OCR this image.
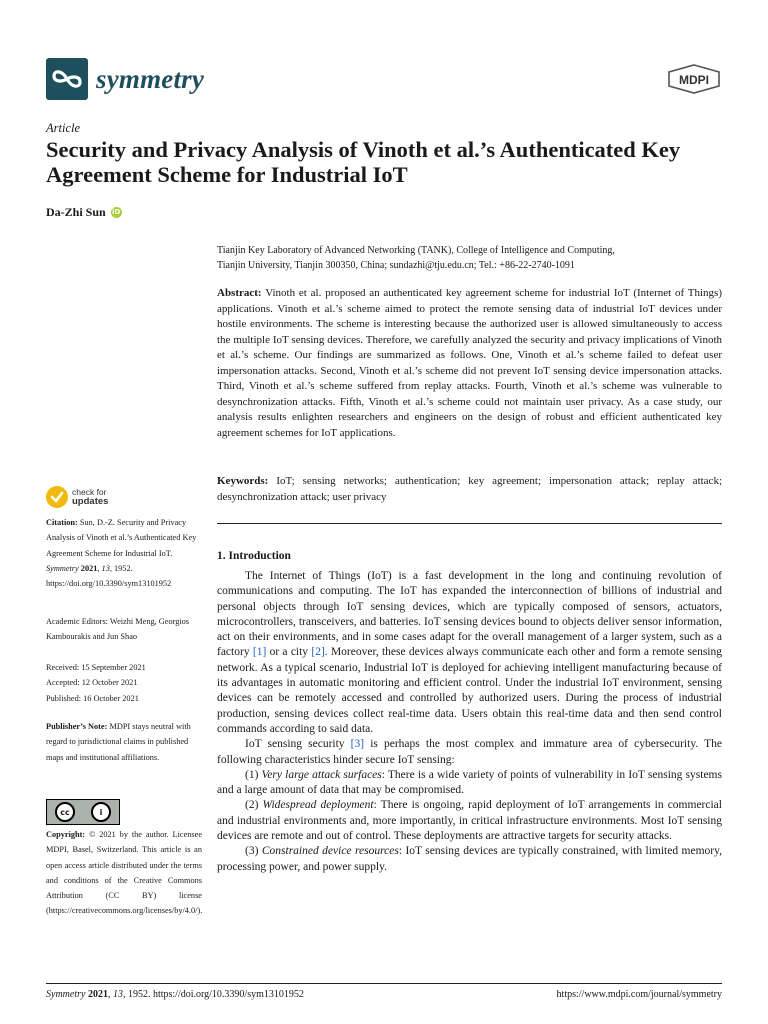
symmetry	MDPI
Article
Security and Privacy Analysis of Vinoth et al.’s Authenticated Key Agreement Scheme for Industrial IoT
Da-Zhi Sun iD
Tianjin Key Laboratory of Advanced Networking (TANK), College of Intelligence and Computing,
Tianjin University, Tianjin 300350, China; sundazhi@tju.edu.cn; Tel.: +86-22-2740-1091
Abstract: Vinoth et al. proposed an authenticated key agreement scheme for industrial IoT (Internet of Things) applications. Vinoth et al.’s scheme aimed to protect the remote sensing data of industrial IoT devices under hostile environments. The scheme is interesting because the authorized user is allowed simultaneously to access the multiple IoT sensing devices. Therefore, we carefully analyzed the security and privacy implications of Vinoth et al.’s scheme. Our findings are summarized as follows. One, Vinoth et al.’s scheme failed to defeat user impersonation attacks. Second, Vinoth et al.’s scheme did not prevent IoT sensing device impersonation attacks. Third, Vinoth et al.’s scheme suffered from replay attacks. Fourth, Vinoth et al.’s scheme was vulnerable to desynchronization attacks. Fifth, Vinoth et al.’s scheme could not maintain user privacy. As a case study, our analysis results enlighten researchers and engineers on the design of robust and efficient authenticated key agreement schemes for IoT applications.
Keywords: IoT; sensing networks; authentication; key agreement; impersonation attack; replay attack; desynchronization attack; user privacy
1. Introduction

The Internet of Things (IoT) is a fast development in the long and continuing revolution of communications and computing. The IoT has expanded the interconnection of billions of industrial and personal objects through IoT sensing devices, which are typically composed of sensors, actuators, microcontrollers, transceivers, and batteries. IoT sensing devices bound to objects deliver sensor information, act on their environments, and in some cases adapt for the overall management of a larger system, such as a factory [1] or a city [2]. Moreover, these devices always communicate each other and form a remote sensing network. As a typical scenario, Industrial IoT is deployed for achieving intelligent manufacturing because of its advantages in automatic monitoring and efficient control. Under the industrial IoT environment, sensing devices can be remotely accessed and controlled by authorized users. During the process of industrial production, sensing devices collect real-time data. Users obtain this real-time data and then send control commands according to said data.

IoT sensing security [3] is perhaps the most complex and immature area of cybersecurity. The following characteristics hinder secure IoT sensing:

(1) Very large attack surfaces: There is a wide variety of points of vulnerability in IoT sensing systems and a large amount of data that may be compromised.

(2) Widespread deployment: There is ongoing, rapid deployment of IoT arrangements in commercial and industrial environments and, more importantly, in critical infrastructure environments. Most IoT sensing devices are remote and out of control. These deployments are attractive targets for security attacks.

(3) Constrained device resources: IoT sensing devices are typically constrained, with limited memory, processing power, and power supply.

check for
updates
Citation: Sun, D.-Z. Security and Privacy Analysis of Vinoth et al.’s Authenticated Key Agreement Scheme for Industrial IoT. Symmetry 2021, 13, 1952. https://doi.org/10.3390/sym13101952
Academic Editors: Weizhi Meng, Georgios Kambourakis and Jun Shao
Received: 15 September 2021
Accepted: 12 October 2021
Published: 16 October 2021
Publisher’s Note: MDPI stays neutral with regard to jurisdictional claims in published maps and institutional affiliations.
cc	i
Copyright: © 2021 by the author. Licensee MDPI, Basel, Switzerland. This article is an open access article distributed under the terms and conditions of the Creative Commons Attribution (CC BY) license (https://creativecommons.org/licenses/by/4.0/).
Symmetry 2021, 13, 1952. https://doi.org/10.3390/sym13101952	https://www.mdpi.com/journal/symmetry
